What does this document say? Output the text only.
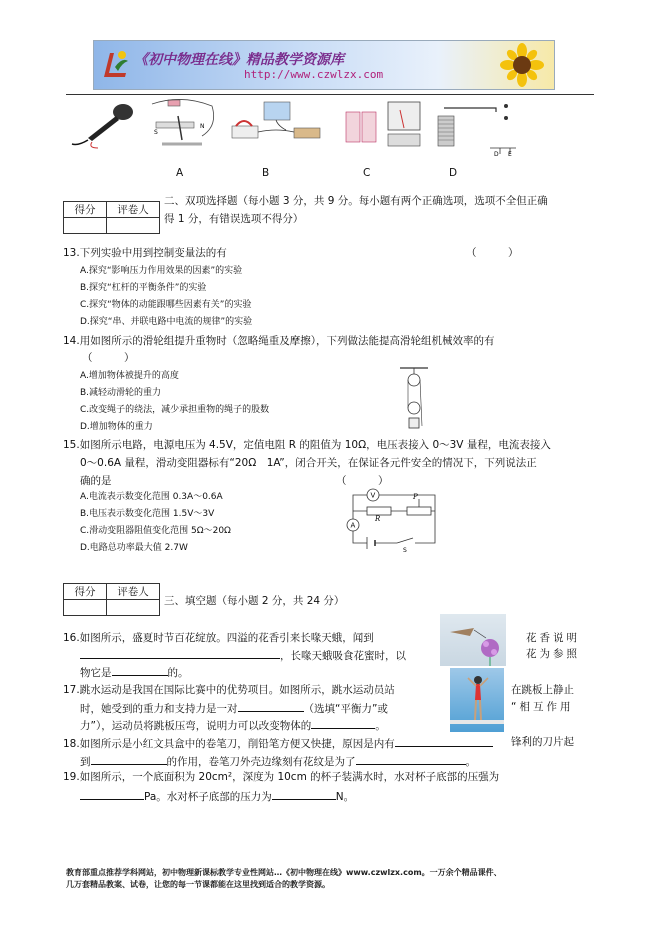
《初中物理在线》精品教学资源库
http://www.czwlzx.com
S
N
D E
A	B	C	D
得分	评卷人

二、双项选择题（每小题 3 分，共 9 分。每小题有两个正确选项，选项不全但正确
得 1 分，有错误选项不得分）
13.下列实验中用到控制变量法的有	（　　　）
A.探究“影响压力作用效果的因素”的实验
B.探究“杠杆的平衡条件”的实验
C.探究“物体的动能跟哪些因素有关”的实验
D.探究“串、并联电路中电流的规律”的实验
14.用如图所示的滑轮组提升重物时（忽略绳重及摩擦），下列做法能提高滑轮组机械效率的有
（　　　）
A.增加物体被提升的高度
B.减轻动滑轮的重力
C.改变绳子的绕法，减少承担重物的绳子的股数
D.增加物体的重力
15.如图所示电路，电源电压为 4.5V，定值电阻 R 的阻值为 10Ω，电压表接入 0～3V 量程，电流表接入
0～0.6A 量程，滑动变阻器标有“20Ω　1A”，闭合开关，在保证各元件安全的情况下，下列说法正
确的是	（　　　）
A.电流表示数变化范围 0.3A～0.6A
B.电压表示数变化范围 1.5V～3V
C.滑动变阻器阻值变化范围 5Ω～20Ω
D.电路总功率最大值 2.7W
V
A
R
P
S
得分	评卷人

三、填空题（每小题 2 分，共 24 分）
16.如图所示，盛夏时节百花绽放。四溢的花香引来长喙天蛾，闻到	花香说明
，长喙天蛾吸食花蜜时，以	花为参照
物它是	的。
17.跳水运动是我国在国际比赛中的优势项目。如图所示，跳水运动员站	在跳板上静止
时，她受到的重力和支持力是一对	（选填“平衡力”或	“相互作用
力”），运动员将跳板压弯，说明力可以改变物体的	。
18.如图所示是小红文具盒中的卷笔刀，削铅笔方便又快捷，原因是内有	锋利的刀片起
到	的作用，卷笔刀外壳边缘刻有花纹是为了	。
19.如图所示，一个底面积为 20cm²，深度为 10cm 的杯子装满水时，水对杯子底部的压强为
Pa。水对杯子底部的压力为	N。
教育部重点推荐学科网站，初中物理新课标教学专业性网站…《初中物理在线》www.czwlzx.com。一万余个精品课件、
几万套精品教案、试卷，让您的每一节课都能在这里找到适合的教学资源。
